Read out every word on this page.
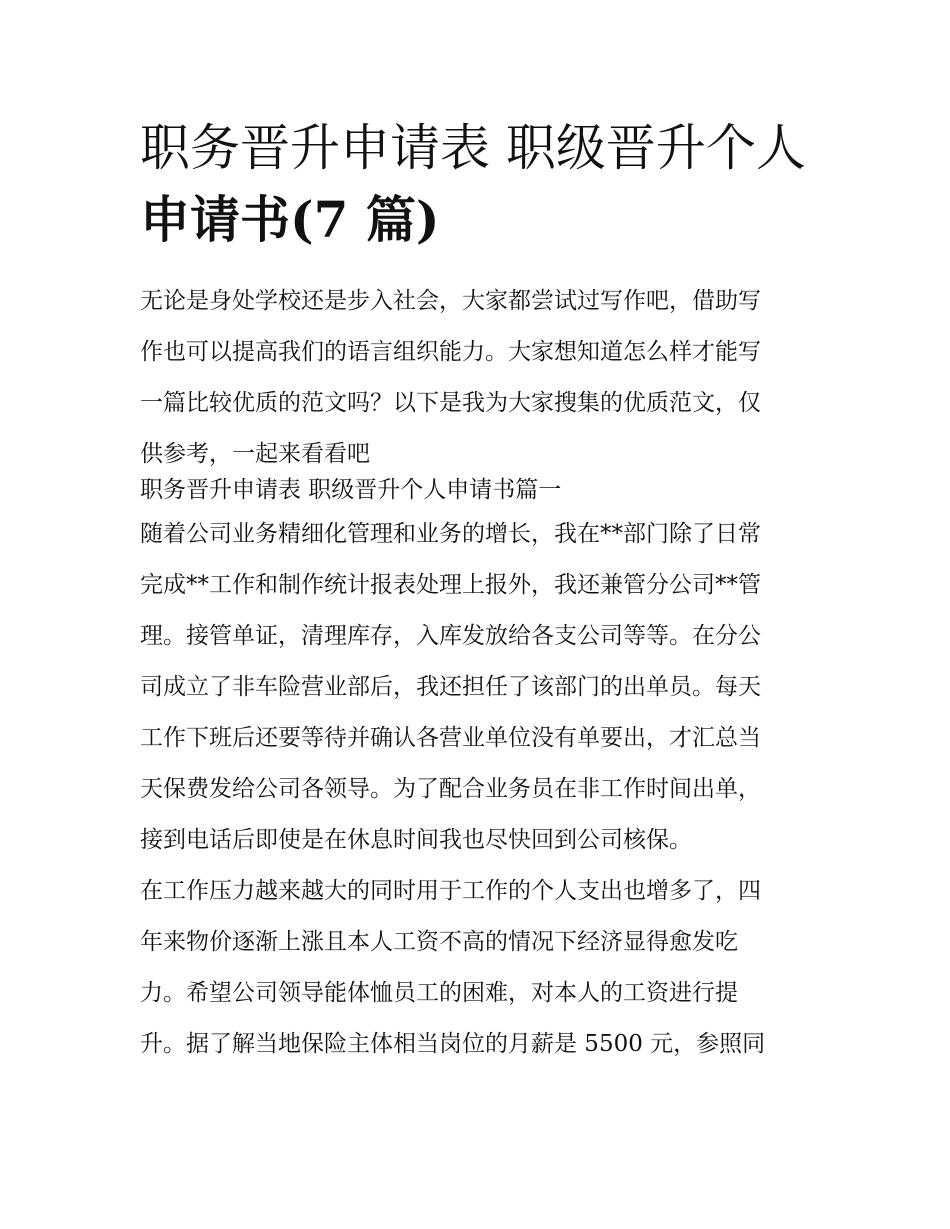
职务晋升申请表 职级晋升个人
申请书(7 篇)

无论是身处学校还是步入社会，大家都尝试过写作吧，借助写
作也可以提高我们的语言组织能力。大家想知道怎么样才能写
一篇比较优质的范文吗？以下是我为大家搜集的优质范文，仅
供参考，一起来看看吧

职务晋升申请表 职级晋升个人申请书篇一

随着公司业务精细化管理和业务的增长，我在**部门除了日常
完成**工作和制作统计报表处理上报外，我还兼管分公司**管
理。接管单证，清理库存，入库发放给各支公司等等。在分公
司成立了非车险营业部后，我还担任了该部门的出单员。每天
工作下班后还要等待并确认各营业单位没有单要出，才汇总当
天保费发给公司各领导。为了配合业务员在非工作时间出单，
接到电话后即使是在休息时间我也尽快回到公司核保。

在工作压力越来越大的同时用于工作的个人支出也增多了，四
年来物价逐渐上涨且本人工资不高的情况下经济显得愈发吃
力。希望公司领导能体恤员工的困难，对本人的工资进行提
升。据了解当地保险主体相当岗位的月薪是 5500 元，参照同
